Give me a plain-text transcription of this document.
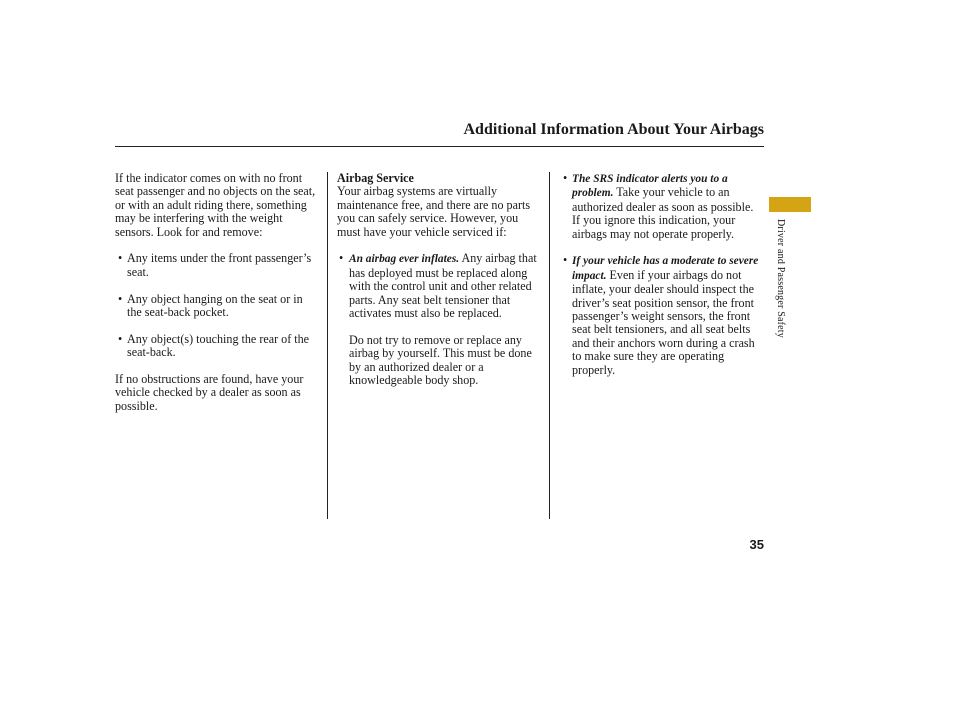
Additional Information About Your Airbags

If the indicator comes on with no front seat passenger and no objects on the seat, or with an adult riding there, something may be interfering with the weight sensors. Look for and remove:

• Any items under the front passenger’s seat.

• Any object hanging on the seat or in the seat-back pocket.

• Any object(s) touching the rear of the seat-back.

If no obstructions are found, have your vehicle checked by a dealer as soon as possible.

Airbag Service

Your airbag systems are virtually maintenance free, and there are no parts you can safely service. However, you must have your vehicle serviced if:

• An airbag ever inflates. Any airbag that has deployed must be replaced along with the control unit and other related parts. Any seat belt tensioner that activates must also be replaced.

Do not try to remove or replace any airbag by yourself. This must be done by an authorized dealer or a knowledgeable body shop.

• The SRS indicator alerts you to a problem. Take your vehicle to an authorized dealer as soon as possible. If you ignore this indication, your airbags may not operate properly.

• If your vehicle has a moderate to severe impact. Even if your airbags do not inflate, your dealer should inspect the driver’s seat position sensor, the front passenger’s weight sensors, the front seat belt tensioners, and all seat belts and their anchors worn during a crash to make sure they are operating properly.

Driver and Passenger Safety
35
